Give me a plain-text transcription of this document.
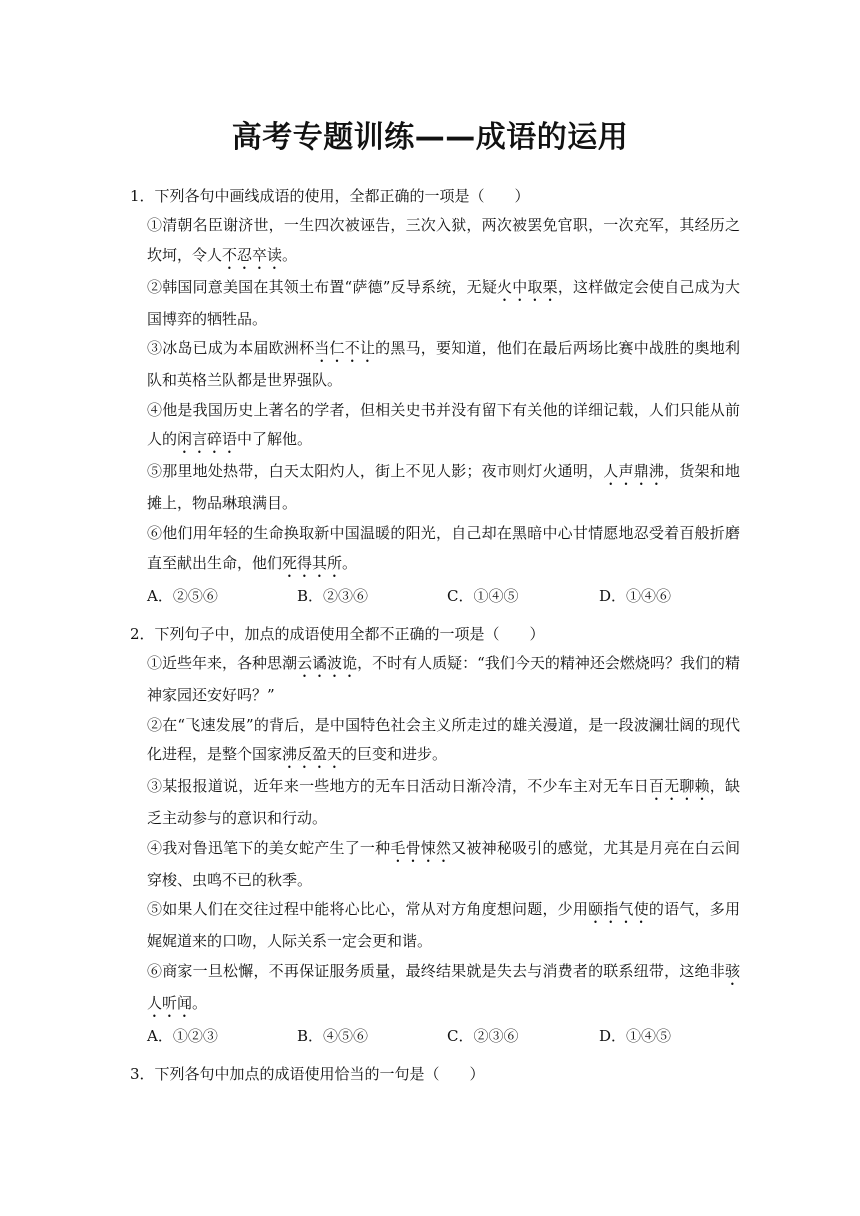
高考专题训练——成语的运用
1．下列各句中画线成语的使用，全都正确的一项是（　　）
①清朝名臣谢济世，一生四次被诬告，三次入狱，两次被罢免官职，一次充军，其经历之坎坷，令人不忍卒读。
②韩国同意美国在其领土布置“萨德”反导系统，无疑火中取栗，这样做定会使自己成为大国博弈的牺牲品。
③冰岛已成为本届欧洲杯当仁不让的黑马，要知道，他们在最后两场比赛中战胜的奥地利队和英格兰队都是世界强队。
④他是我国历史上著名的学者，但相关史书并没有留下有关他的详细记载，人们只能从前人的闲言碎语中了解他。
⑤那里地处热带，白天太阳灼人，街上不见人影；夜市则灯火通明，人声鼎沸，货架和地摊上，物品琳琅满目。
⑥他们用年轻的生命换取新中国温暖的阳光，自己却在黑暗中心甘情愿地忍受着百般折磨直至献出生命，他们死得其所。
A．②⑤⑥	B．②③⑥	C．①④⑤	D．①④⑥
2．下列句子中，加点的成语使用全都不正确的一项是（　　）
①近些年来，各种思潮云谲波诡，不时有人质疑：“我们今天的精神还会燃烧吗？我们的精神家园还安好吗？”
②在“飞速发展”的背后，是中国特色社会主义所走过的雄关漫道，是一段波澜壮阔的现代化进程，是整个国家沸反盈天的巨变和进步。
③某报报道说，近年来一些地方的无车日活动日渐冷清，不少车主对无车日百无聊赖，缺乏主动参与的意识和行动。
④我对鲁迅笔下的美女蛇产生了一种毛骨悚然又被神秘吸引的感觉，尤其是月亮在白云间穿梭、虫鸣不已的秋季。
⑤如果人们在交往过程中能将心比心，常从对方角度想问题，少用颐指气使的语气，多用娓娓道来的口吻，人际关系一定会更和谐。
⑥商家一旦松懈，不再保证服务质量，最终结果就是失去与消费者的联系纽带，这绝非骇人听闻。
A．①②③	B．④⑤⑥	C．②③⑥	D．①④⑤
3．下列各句中加点的成语使用恰当的一句是（　　）
